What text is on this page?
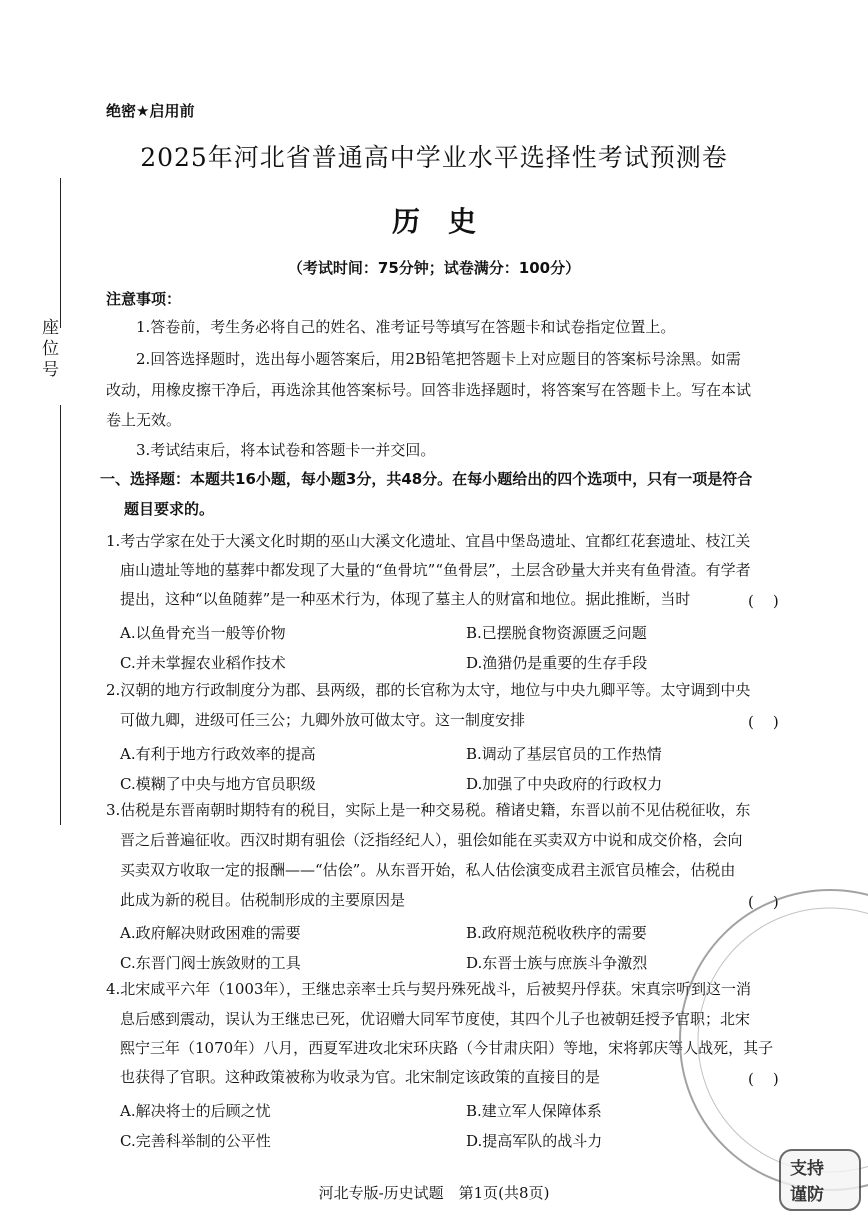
座位号
绝密★启用前
2025年河北省普通高中学业水平选择性考试预测卷
历史
（考试时间：75分钟；试卷满分：100分）
注意事项：
1.答卷前，考生务必将自己的姓名、准考证号等填写在答题卡和试卷指定位置上。
2.回答选择题时，选出每小题答案后，用2B铅笔把答题卡上对应题目的答案标号涂黑。如需
改动，用橡皮擦干净后，再选涂其他答案标号。回答非选择题时，将答案写在答题卡上。写在本试
卷上无效。
3.考试结束后，将本试卷和答题卡一并交回。
一、选择题：本题共16小题，每小题3分，共48分。在每小题给出的四个选项中，只有一项是符合
题目要求的。
1.考古学家在处于大溪文化时期的巫山大溪文化遗址、宜昌中堡岛遗址、宜都红花套遗址、枝江关
庙山遗址等地的墓葬中都发现了大量的“鱼骨坑”“鱼骨层”，土层含砂量大并夹有鱼骨渣。有学者
提出，这种“以鱼随葬”是一种巫术行为，体现了墓主人的财富和地位。据此推断，当时	(    )
A.以鱼骨充当一般等价物	B.已摆脱食物资源匮乏问题
C.并未掌握农业稻作技术	D.渔猎仍是重要的生存手段
2.汉朝的地方行政制度分为郡、县两级，郡的长官称为太守，地位与中央九卿平等。太守调到中央
可做九卿，进级可任三公；九卿外放可做太守。这一制度安排	(    )
A.有利于地方行政效率的提高	B.调动了基层官员的工作热情
C.模糊了中央与地方官员职级	D.加强了中央政府的行政权力
3.估税是东晋南朝时期特有的税目，实际上是一种交易税。稽诸史籍，东晋以前不见估税征收，东
晋之后普遍征收。西汉时期有驵侩（泛指经纪人），驵侩如能在买卖双方中说和成交价格，会向
买卖双方收取一定的报酬——“估侩”。从东晋开始，私人估侩演变成君主派官员榷会，估税由
此成为新的税目。估税制形成的主要原因是	(    )
A.政府解决财政困难的需要	B.政府规范税收秩序的需要
C.东晋门阀士族敛财的工具	D.东晋士族与庶族斗争激烈
4.北宋咸平六年（1003年），王继忠亲率士兵与契丹殊死战斗，后被契丹俘获。宋真宗听到这一消
息后感到震动，误认为王继忠已死，优诏赠大同军节度使，其四个儿子也被朝廷授予官职；北宋
熙宁三年（1070年）八月，西夏军进攻北宋环庆路（今甘肃庆阳）等地，宋将郭庆等人战死，其子
也获得了官职。这种政策被称为收录为官。北宋制定该政策的直接目的是	(    )
A.解决将士的后顾之忧	B.建立军人保障体系
C.完善科举制的公平性	D.提高军队的战斗力
支持
谨防
河北专版-历史试题　第1页(共8页)
